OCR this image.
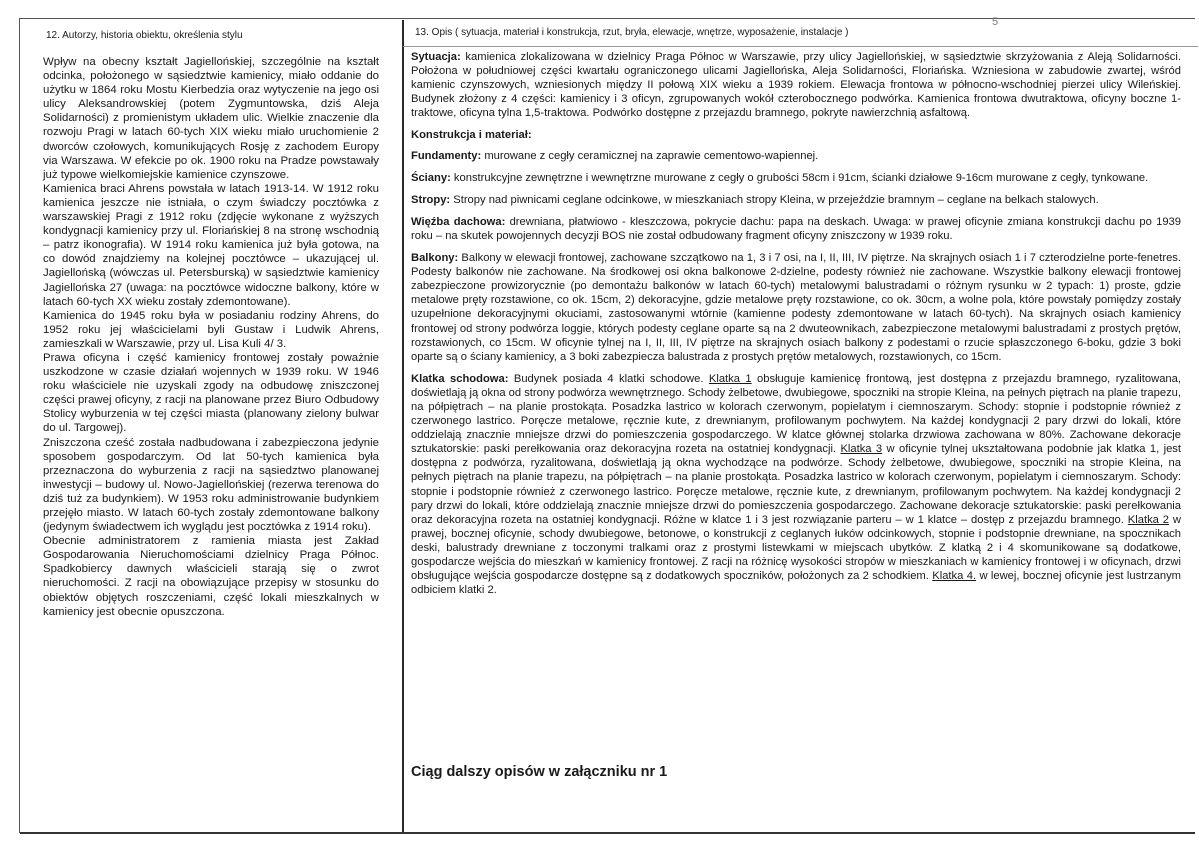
12. Autorzy, historia obiektu, określenia stylu	13. Opis ( sytuacja, materiał i konstrukcja, rzut, bryła, elewacje, wnętrze, wyposażenie, instalacje )
5

Wpływ na obecny kształt Jagiellońskiej, szczególnie na kształt odcinka, położonego w sąsiedztwie kamienicy, miało oddanie do użytku w 1864 roku Mostu Kierbedzia oraz wytyczenie na jego osi ulicy Aleksandrowskiej (potem Zygmuntowska, dziś Aleja Solidarności) z promienistym układem ulic. Wielkie znaczenie dla rozwoju Pragi w latach 60-tych XIX wieku miało uruchomienie 2 dworców czołowych, komunikujących Rosję z zachodem Europy via Warszawa. W efekcie po ok. 1900 roku na Pradze powstawały już typowe wielkomiejskie kamienice czynszowe.

Kamienica braci Ahrens powstała w latach 1913-14. W 1912 roku kamienica jeszcze nie istniała, o czym świadczy pocztówka z warszawskiej Pragi z 1912 roku (zdjęcie wykonane z wyższych kondygnacji kamienicy przy ul. Floriańskiej 8 na stronę wschodnią – patrz ikonografia). W 1914 roku kamienica już była gotowa, na co dowód znajdziemy na kolejnej pocztówce – ukazującej ul. Jagiellońską (wówczas ul. Petersburską) w sąsiedztwie kamienicy Jagiellońska 27 (uwaga: na pocztówce widoczne balkony, które w latach 60-tych XX wieku zostały zdemontowane).

Kamienica do 1945 roku była w posiadaniu rodziny Ahrens, do 1952 roku jej właścicielami byli Gustaw i Ludwik Ahrens, zamieszkali w Warszawie, przy ul. Lisa Kuli 4/ 3.

Prawa oficyna i część kamienicy frontowej zostały poważnie uszkodzone w czasie działań wojennych w 1939 roku. W 1946 roku właściciele nie uzyskali zgody na odbudowę zniszczonej części prawej oficyny, z racji na planowane przez Biuro Odbudowy Stolicy wyburzenia w tej części miasta (planowany zielony bulwar do ul. Targowej).

Zniszczona cześć została nadbudowana i zabezpieczona jedynie sposobem gospodarczym. Od lat 50-tych kamienica była przeznaczona do wyburzenia z racji na sąsiedztwo planowanej inwestycji – budowy ul. Nowo-Jagiellońskiej (rezerwa terenowa do dziś tuż za budynkiem). W 1953 roku administrowanie budynkiem przejęło miasto. W latach 60-tych zostały zdemontowane balkony (jedynym świadectwem ich wyglądu jest pocztówka z 1914 roku).

Obecnie administratorem z ramienia miasta jest Zakład Gospodarowania Nieruchomościami dzielnicy Praga Północ. Spadkobiercy dawnych właścicieli starają się o zwrot nieruchomości. Z racji na obowiązujące przepisy w stosunku do obiektów objętych roszczeniami, część lokali mieszkalnych w kamienicy jest obecnie opuszczona.

Sytuacja: kamienica zlokalizowana w dzielnicy Praga Północ w Warszawie, przy ulicy Jagiellońskiej, w sąsiedztwie skrzyżowania z Aleją Solidarności. Położona w południowej części kwartału ograniczonego ulicami Jagiellońska, Aleja Solidarności, Floriańska. Wzniesiona w zabudowie zwartej, wśród kamienic czynszowych, wzniesionych między II połową XIX wieku a 1939 rokiem. Elewacja frontowa w północno-wschodniej pierzei ulicy Wileńskiej. Budynek złożony z 4 części: kamienicy i 3 oficyn, zgrupowanych wokół czterobocznego podwórka. Kamienica frontowa dwutraktowa, oficyny boczne 1-traktowe, oficyna tylna 1,5-traktowa. Podwórko dostępne z przejazdu bramnego, pokryte nawierzchnią asfaltową.

Konstrukcja i materiał:

Fundamenty: murowane z cegły ceramicznej na zaprawie cementowo-wapiennej.

Ściany: konstrukcyjne zewnętrzne i wewnętrzne murowane z cegły o grubości 58cm i 91cm, ścianki działowe 9-16cm murowane z cegły, tynkowane.

Stropy: Stropy nad piwnicami ceglane odcinkowe, w mieszkaniach stropy Kleina, w przejeździe bramnym – ceglane na belkach stalowych.

Więźba dachowa: drewniana, płatwiowo - kleszczowa, pokrycie dachu: papa na deskach. Uwaga: w prawej oficynie zmiana konstrukcji dachu po 1939 roku – na skutek powojennych decyzji BOS nie został odbudowany fragment oficyny zniszczony w 1939 roku.

Balkony: Balkony w elewacji frontowej, zachowane szczątkowo na 1, 3 i 7 osi, na I, II, III, IV piętrze. Na skrajnych osiach 1 i 7 czterodzielne porte-fenetres. Podesty balkonów nie zachowane. Na środkowej osi okna balkonowe 2-dzielne, podesty również nie zachowane. Wszystkie balkony elewacji frontowej zabezpieczone prowizorycznie (po demontażu balkonów w latach 60-tych) metalowymi balustradami o różnym rysunku w 2 typach: 1) proste, gdzie metalowe pręty rozstawione, co ok. 15cm, 2) dekoracyjne, gdzie metalowe pręty rozstawione, co ok. 30cm, a wolne pola, które powstały pomiędzy zostały uzupełnione dekoracyjnymi okuciami, zastosowanymi wtórnie (kamienne podesty zdemontowane w latach 60-tych). Na skrajnych osiach kamienicy frontowej od strony podwórza loggie, których podesty ceglane oparte są na 2 dwuteownikach, zabezpieczone metalowymi balustradami z prostych prętów, rozstawionych, co 15cm. W oficynie tylnej na I, II, III, IV piętrze na skrajnych osiach balkony z podestami o rzucie spłaszczonego 6-boku, gdzie 3 boki oparte są o ściany kamienicy, a 3 boki zabezpiecza balustrada z prostych prętów metalowych, rozstawionych, co 15cm.

Klatka schodowa: Budynek posiada 4 klatki schodowe. Klatka 1 obsługuje kamienicę frontową, jest dostępna z przejazdu bramnego, ryzalitowana, doświetlają ją okna od strony podwórza wewnętrznego. Schody żelbetowe, dwubiegowe, spoczniki na stropie Kleina, na pełnych piętrach na planie trapezu, na półpiętrach – na planie prostokąta. Posadzka lastrico w kolorach czerwonym, popielatym i ciemnoszarym. Schody: stopnie i podstopnie również z czerwonego lastrico. Poręcze metalowe, ręcznie kute, z drewnianym, profilowanym pochwytem. Na każdej kondygnacji 2 pary drzwi do lokali, które oddzielają znacznie mniejsze drzwi do pomieszczenia gospodarczego. W klatce głównej stolarka drzwiowa zachowana w 80%. Zachowane dekoracje sztukatorskie: paski perełkowania oraz dekoracyjna rozeta na ostatniej kondygnacji. Klatka 3 w oficynie tylnej ukształtowana podobnie jak klatka 1, jest dostępna z podwórza, ryzalitowana, doświetlają ją okna wychodzące na podwórze. Schody żelbetowe, dwubiegowe, spoczniki na stropie Kleina, na pełnych piętrach na planie trapezu, na półpiętrach – na planie prostokąta. Posadzka lastrico w kolorach czerwonym, popielatym i ciemnoszarym. Schody: stopnie i podstopnie również z czerwonego lastrico. Poręcze metalowe, ręcznie kute, z drewnianym, profilowanym pochwytem. Na każdej kondygnacji 2 pary drzwi do lokali, które oddzielają znacznie mniejsze drzwi do pomieszczenia gospodarczego. Zachowane dekoracje sztukatorskie: paski perełkowania oraz dekoracyjna rozeta na ostatniej kondygnacji. Różne w klatce 1 i 3 jest rozwiązanie parteru – w 1 klatce – dostęp z przejazdu bramnego. Klatka 2 w prawej, bocznej oficynie, schody dwubiegowe, betonowe, o konstrukcji z ceglanych łuków odcinkowych, stopnie i podstopnie drewniane, na spocznikach deski, balustrady drewniane z toczonymi tralkami oraz z prostymi listewkami w miejscach ubytków. Z klatką 2 i 4 skomunikowane są dodatkowe, gospodarcze wejścia do mieszkań w kamienicy frontowej. Z racji na różnicę wysokości stropów w mieszkaniach w kamienicy frontowej i w oficynach, drzwi obsługujące wejścia gospodarcze dostępne są z dodatkowych spoczników, położonych za 2 schodkiem. Klatka 4. w lewej, bocznej oficynie jest lustrzanym odbiciem klatki 2.

Ciąg dalszy opisów w załączniku nr 1
